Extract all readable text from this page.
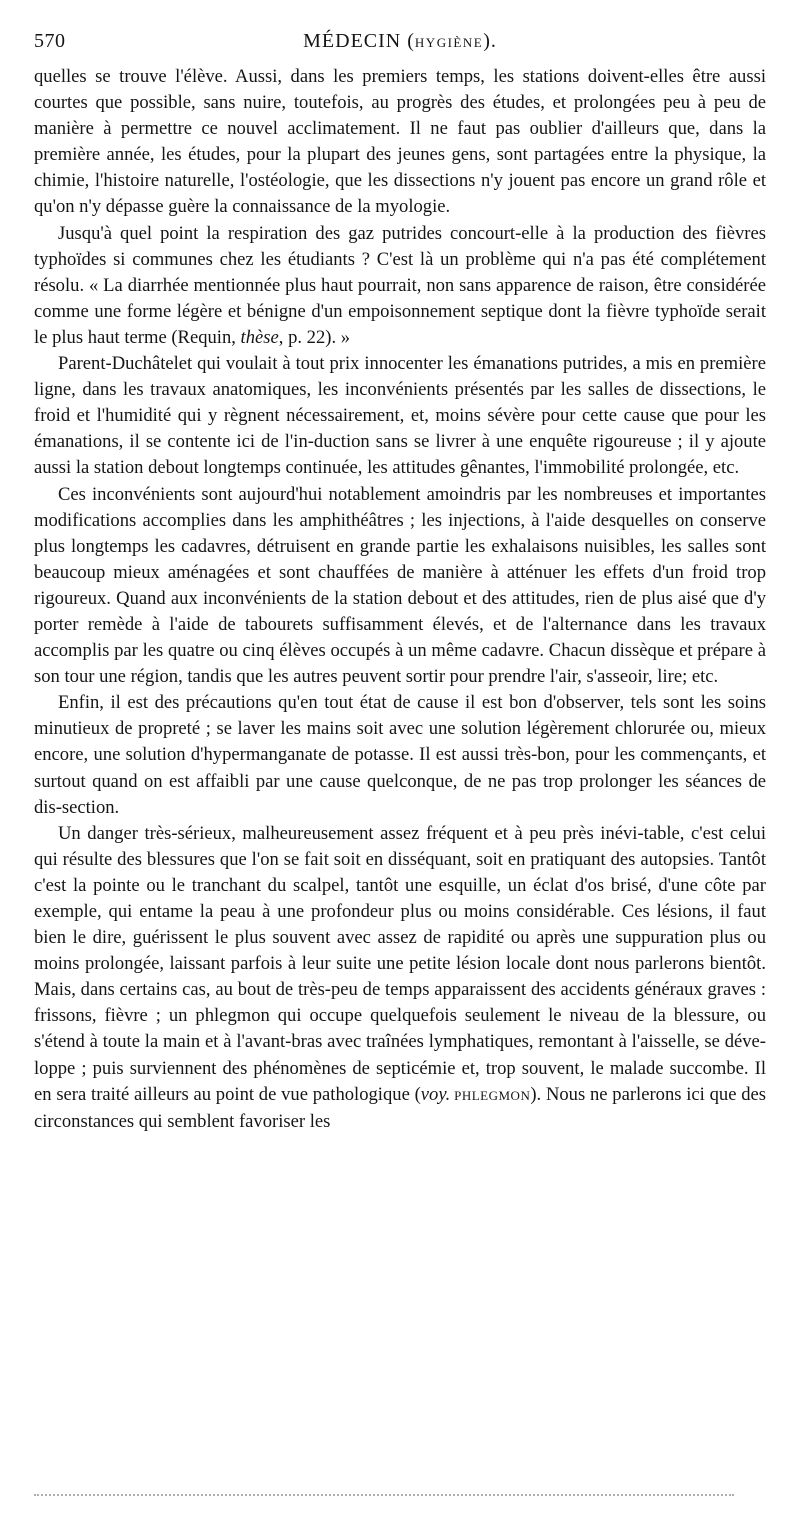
570	MÉDECIN (HYGIÈNE).

quelles se trouve l'élève. Aussi, dans les premiers temps, les stations doivent-elles être aussi courtes que possible, sans nuire, toutefois, au progrès des études, et prolongées peu à peu de manière à permettre ce nouvel acclimatement. Il ne faut pas oublier d'ailleurs que, dans la première année, les études, pour la plupart des jeunes gens, sont partagées entre la physique, la chimie, l'histoire naturelle, l'ostéologie, que les dissections n'y jouent pas encore un grand rôle et qu'on n'y dépasse guère la connaissance de la myologie.

Jusqu'à quel point la respiration des gaz putrides concourt-elle à la production des fièvres typhoïdes si communes chez les étudiants ? C'est là un problème qui n'a pas été complétement résolu. « La diarrhée mentionnée plus haut pourrait, non sans apparence de raison, être considérée comme une forme légère et bénigne d'un empoisonnement septique dont la fièvre typhoïde serait le plus haut terme (Requin, thèse, p. 22). »

Parent-Duchâtelet qui voulait à tout prix innocenter les émanations putrides, a mis en première ligne, dans les travaux anatomiques, les inconvénients présentés par les salles de dissections, le froid et l'humidité qui y règnent nécessairement, et, moins sévère pour cette cause que pour les émanations, il se contente ici de l'in-duction sans se livrer à une enquête rigoureuse ; il y ajoute aussi la station debout longtemps continuée, les attitudes gênantes, l'immobilité prolongée, etc.

Ces inconvénients sont aujourd'hui notablement amoindris par les nombreuses et importantes modifications accomplies dans les amphithéâtres ; les injections, à l'aide desquelles on conserve plus longtemps les cadavres, détruisent en grande partie les exhalaisons nuisibles, les salles sont beaucoup mieux aménagées et sont chauffées de manière à atténuer les effets d'un froid trop rigoureux. Quand aux inconvénients de la station debout et des attitudes, rien de plus aisé que d'y porter remède à l'aide de tabourets suffisamment élevés, et de l'alternance dans les travaux accomplis par les quatre ou cinq élèves occupés à un même cadavre. Chacun dissèque et prépare à son tour une région, tandis que les autres peuvent sortir pour prendre l'air, s'asseoir, lire; etc.

Enfin, il est des précautions qu'en tout état de cause il est bon d'observer, tels sont les soins minutieux de propreté ; se laver les mains soit avec une solution légèrement chlorurée ou, mieux encore, une solution d'hypermanganate de potasse. Il est aussi très-bon, pour les commençants, et surtout quand on est affaibli par une cause quelconque, de ne pas trop prolonger les séances de dis-section.

Un danger très-sérieux, malheureusement assez fréquent et à peu près inévi-table, c'est celui qui résulte des blessures que l'on se fait soit en disséquant, soit en pratiquant des autopsies. Tantôt c'est la pointe ou le tranchant du scalpel, tantôt une esquille, un éclat d'os brisé, d'une côte par exemple, qui entame la peau à une profondeur plus ou moins considérable. Ces lésions, il faut bien le dire, guérissent le plus souvent avec assez de rapidité ou après une suppuration plus ou moins prolongée, laissant parfois à leur suite une petite lésion locale dont nous parlerons bientôt. Mais, dans certains cas, au bout de très-peu de temps apparaissent des accidents généraux graves : frissons, fièvre ; un phlegmon qui occupe quelquefois seulement le niveau de la blessure, ou s'étend à toute la main et à l'avant-bras avec traînées lymphatiques, remontant à l'aisselle, se déve-loppe ; puis surviennent des phénomènes de septicémie et, trop souvent, le malade succombe. Il en sera traité ailleurs au point de vue pathologique (voy. PHLEGMON). Nous ne parlerons ici que des circonstances qui semblent favoriser les
